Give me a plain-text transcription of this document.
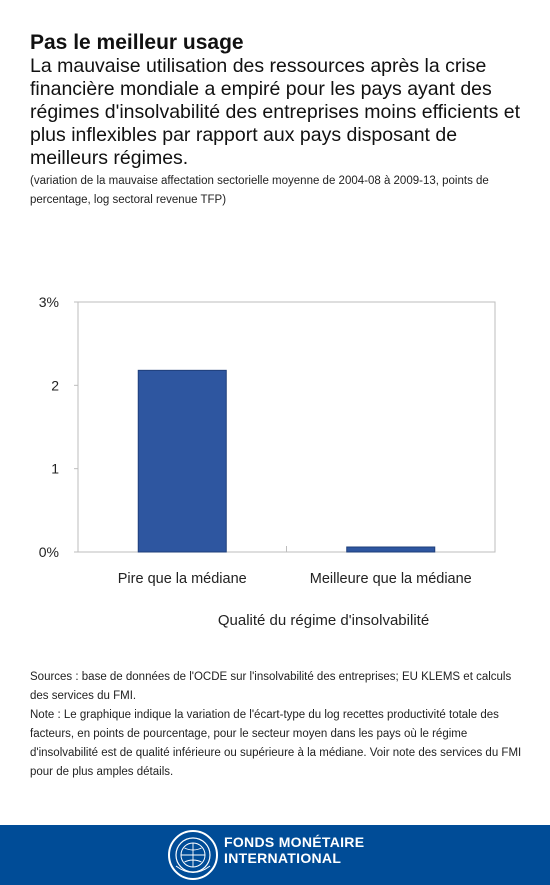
Pas le meilleur usage

La mauvaise utilisation des ressources après la crise financière mondiale a empiré pour les pays ayant des régimes d'insolvabilité des entreprises moins efficients et plus inflexibles par rapport aux pays disposant de meilleurs régimes.

(variation de la mauvaise affectation sectorielle moyenne de 2004-08 à 2009-13, points de percentage, log sectoral revenue TFP)
0%
1
2
3%
Pire que la médiane	Meilleure que la médiane
Qualité du régime d'insolvabilité

Sources : base de données de l'OCDE sur l'insolvabilité des entreprises; EU KLEMS et calculs des services du FMI.

Note : Le graphique indique la variation de l'écart-type du log recettes productivité totale des facteurs, en points de pourcentage, pour le secteur moyen dans les pays où le régime d'insolvabilité est de qualité inférieure ou supérieure à la médiane. Voir note des services du FMI pour de plus amples détails.

FONDS MONÉTAIRE
INTERNATIONAL
